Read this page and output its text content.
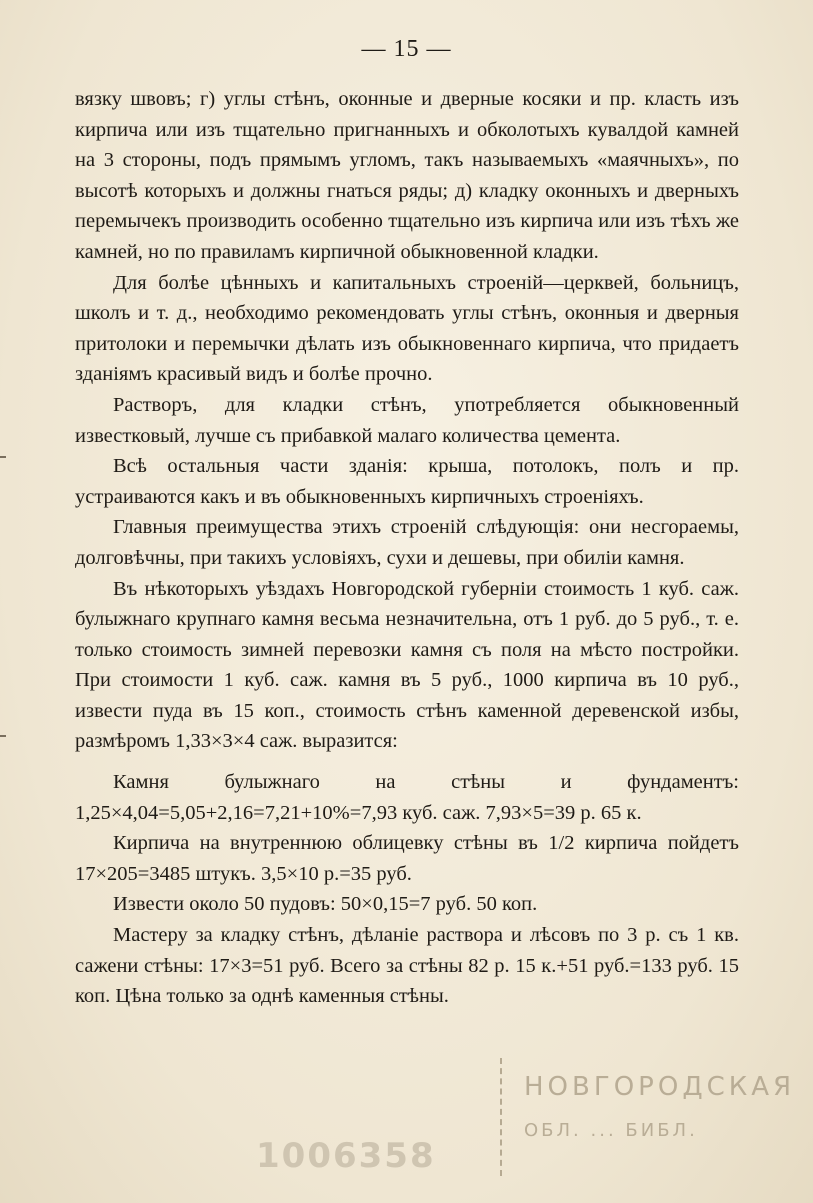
— 15 —

вязку швовъ; г) углы стѣнъ, оконные и дверные косяки и пр. класть изъ кирпича или изъ тщательно пригнанныхъ и обколотыхъ кувалдой камней на 3 стороны, подъ прямымъ угломъ, такъ называемыхъ «маячныхъ», по высотѣ которыхъ и должны гнаться ряды; д) кладку оконныхъ и дверныхъ перемычекъ производить особенно тщательно изъ кирпича или изъ тѣхъ же камней, но по правиламъ кирпичной обыкновенной кладки.

Для болѣе цѣнныхъ и капитальныхъ строеній—церквей, больницъ, школъ и т. д., необходимо рекомендовать углы стѣнъ, оконныя и дверныя притолоки и перемычки дѣлать изъ обыкновеннаго кирпича, что придаетъ зданіямъ красивый видъ и болѣе прочно.

Растворъ, для кладки стѣнъ, употребляется обыкновенный известковый, лучше съ прибавкой малаго количества цемента.

Всѣ остальныя части зданія: крыша, потолокъ, полъ и пр. устраиваются какъ и въ обыкновенныхъ кирпичныхъ строеніяхъ.

Главныя преимущества этихъ строеній слѣдующія: они несгораемы, долговѣчны, при такихъ условіяхъ, сухи и дешевы, при обиліи камня.

Въ нѣкоторыхъ уѣздахъ Новгородской губерніи стоимость 1 куб. саж. булыжнаго крупнаго камня весьма незначительна, отъ 1 руб. до 5 руб., т. е. только стоимость зимней перевозки камня съ поля на мѣсто постройки. При стоимости 1 куб. саж. камня въ 5 руб., 1000 кирпича въ 10 руб., извести пуда въ 15 коп., стоимость стѣнъ каменной деревенской избы, размѣромъ 1,33×3×4 саж. выразится:

Камня булыжнаго на стѣны и фундаментъ: 1,25×4,04=5,05+2,16=7,21+10%=7,93 куб. саж. 7,93×5=39 р. 65 к.

Кирпича на внутреннюю облицевку стѣны въ 1/2 кирпича пойдетъ 17×205=3485 штукъ. 3,5×10 р.=35 руб.

Извести около 50 пудовъ: 50×0,15=7 руб. 50 коп.

Мастеру за кладку стѣнъ, дѣланіе раствора и лѣсовъ по 3 р. съ 1 кв. сажени стѣны: 17×3=51 руб. Всего за стѣны 82 р. 15 к.+51 руб.=133 руб. 15 коп. Цѣна только за однѣ каменныя стѣны.

1006358
НОВГОРОДСКАЯ
ОБЛ. ... БИБЛ.
